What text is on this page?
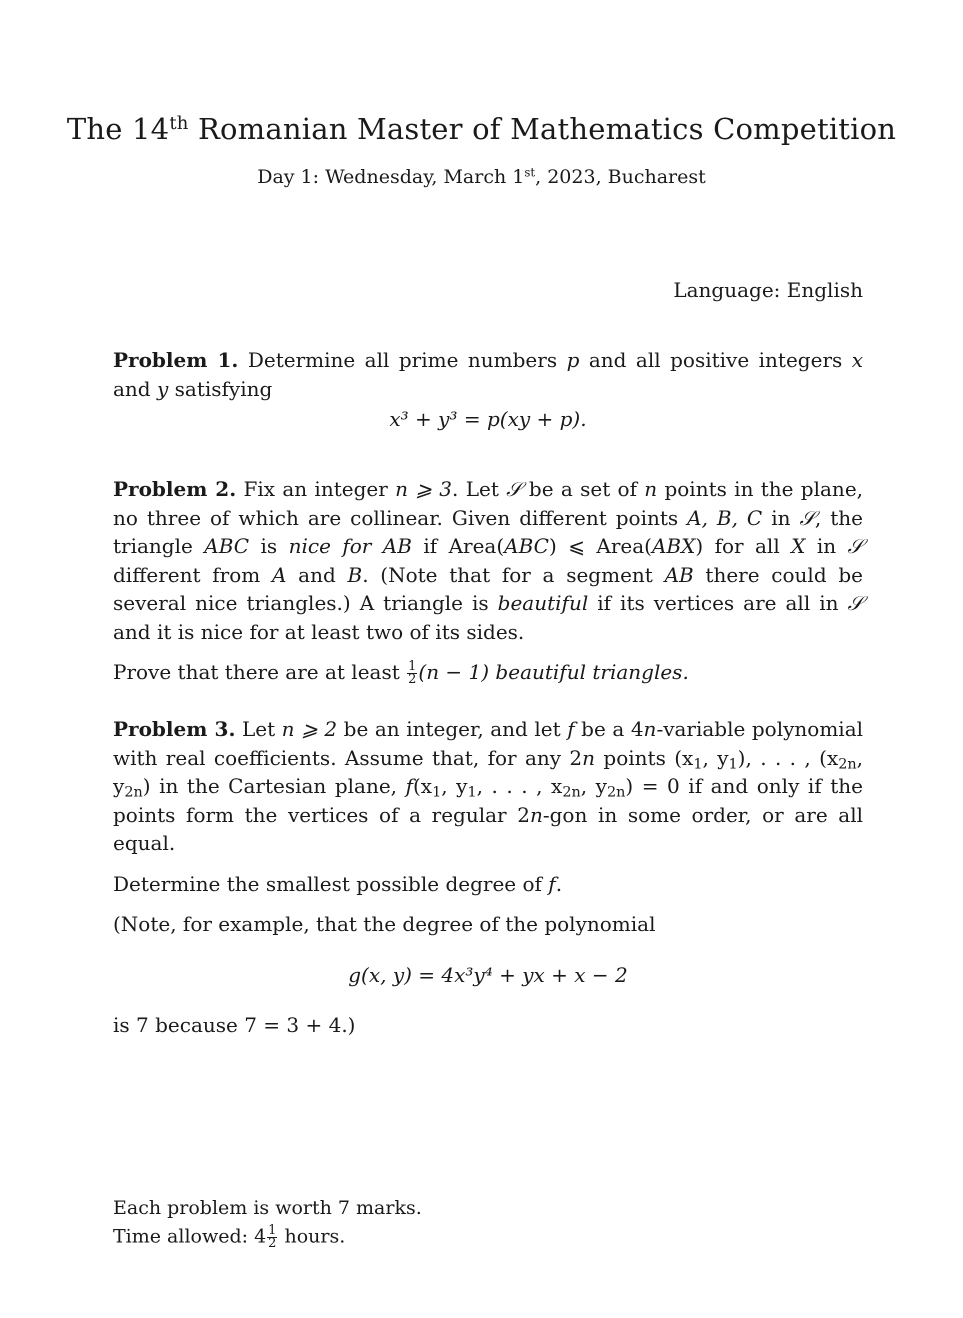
The 14th Romanian Master of Mathematics Competition
Day 1: Wednesday, March 1st, 2023, Bucharest
Language: English

Problem 1. Determine all prime numbers p and all positive integers x and y satisfying

x³ + y³ = p(xy + p).

Problem 2. Fix an integer n ⩾ 3. Let 𝒮 be a set of n points in the plane, no three of which are collinear. Given different points A, B, C in 𝒮, the triangle ABC is nice for AB if Area(ABC) ⩽ Area(ABX) for all X in 𝒮 different from A and B. (Note that for a segment AB there could be several nice triangles.) A triangle is beautiful if its vertices are all in 𝒮 and it is nice for at least two of its sides.

Prove that there are at least $\frac{1}{2} (n - 1)$ beautiful triangles.

Problem 3. Let n ⩾ 2 be an integer, and let f be a 4n-variable polynomial with real coefficients. Assume that, for any 2n points ($x_1$, $y_1$), . . . , ($x_{2n}$, $y_{2n}$) in the Cartesian plane, $f(x_1$, $y_1$, . . . , $x_{2n}$, $y_{2n}) = 0$ if and only if the points form the vertices of a regular 2n-gon in some order, or are all equal.

Determine the smallest possible degree of f.

(Note, for example, that the degree of the polynomial

g(x, y) = 4x³y⁴ + yx + x − 2

is 7 because 7 = 3 + 4.)

Each problem is worth 7 marks.
Time allowed: $4 \frac{1}{2}$ hours.
